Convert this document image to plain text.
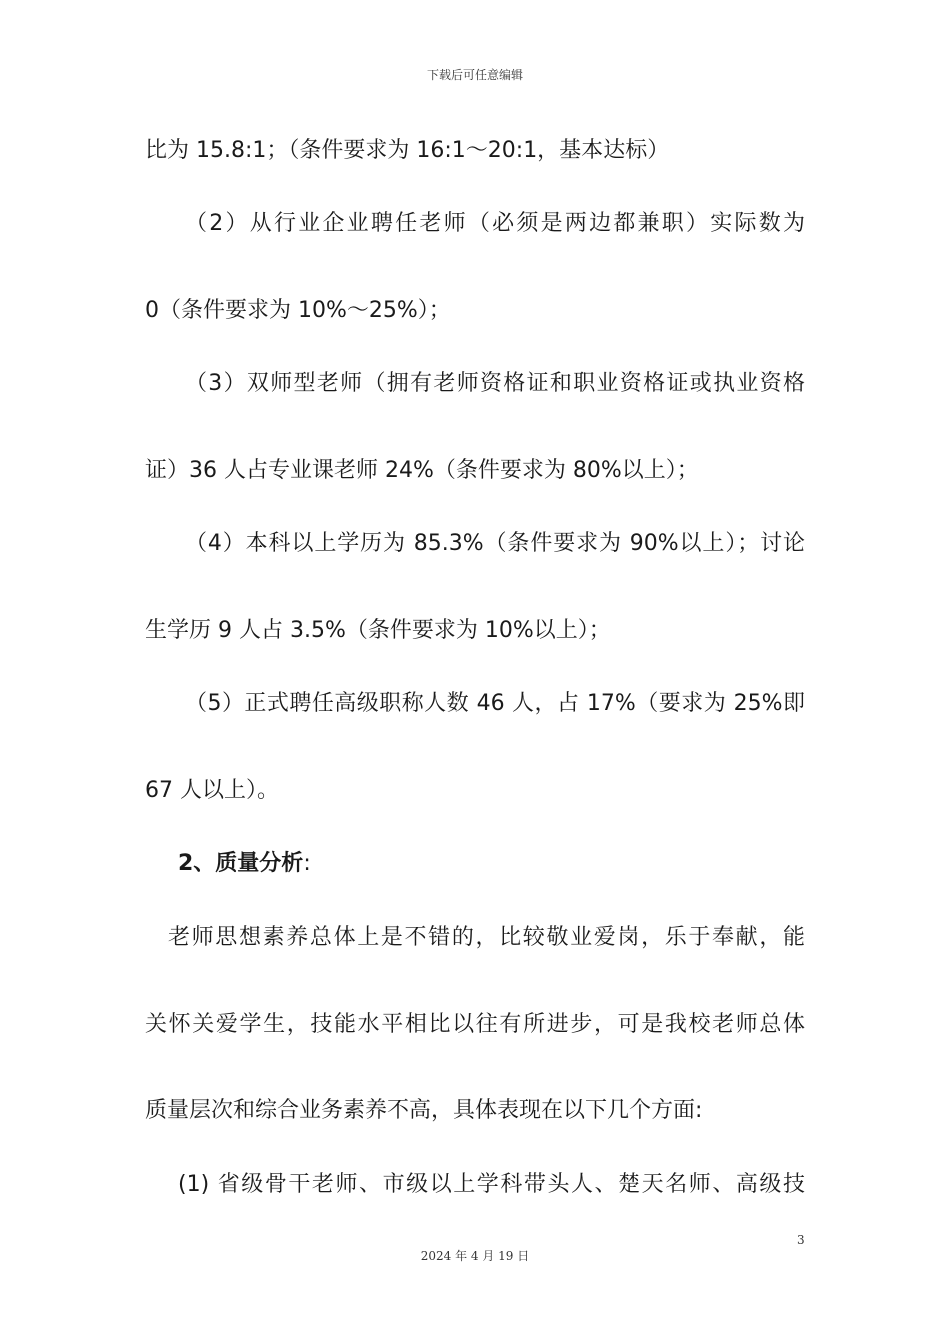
下载后可任意编辑
比为 15.8:1；（条件要求为 16:1～20:1，基本达标）
（2）从行业企业聘任老师（必须是两边都兼职）实际数为
0（条件要求为 10%～25%）；
（3）双师型老师（拥有老师资格证和职业资格证或执业资格
证）36 人占专业课老师 24%（条件要求为 80%以上）；
（4）本科以上学历为 85.3%（条件要求为 90%以上）；讨论
生学历 9 人占 3.5%（条件要求为 10%以上）；
（5）正式聘任高级职称人数 46 人，占 17%（要求为 25%即
67 人以上）。
2、质量分析:
老师思想素养总体上是不错的，比较敬业爱岗，乐于奉献，能
关怀关爱学生，技能水平相比以往有所进步，可是我校老师总体
质量层次和综合业务素养不高，具体表现在以下几个方面:
(1) 省级骨干老师、市级以上学科带头人、楚天名师、高级技
3
2024 年 4 月 19 日
